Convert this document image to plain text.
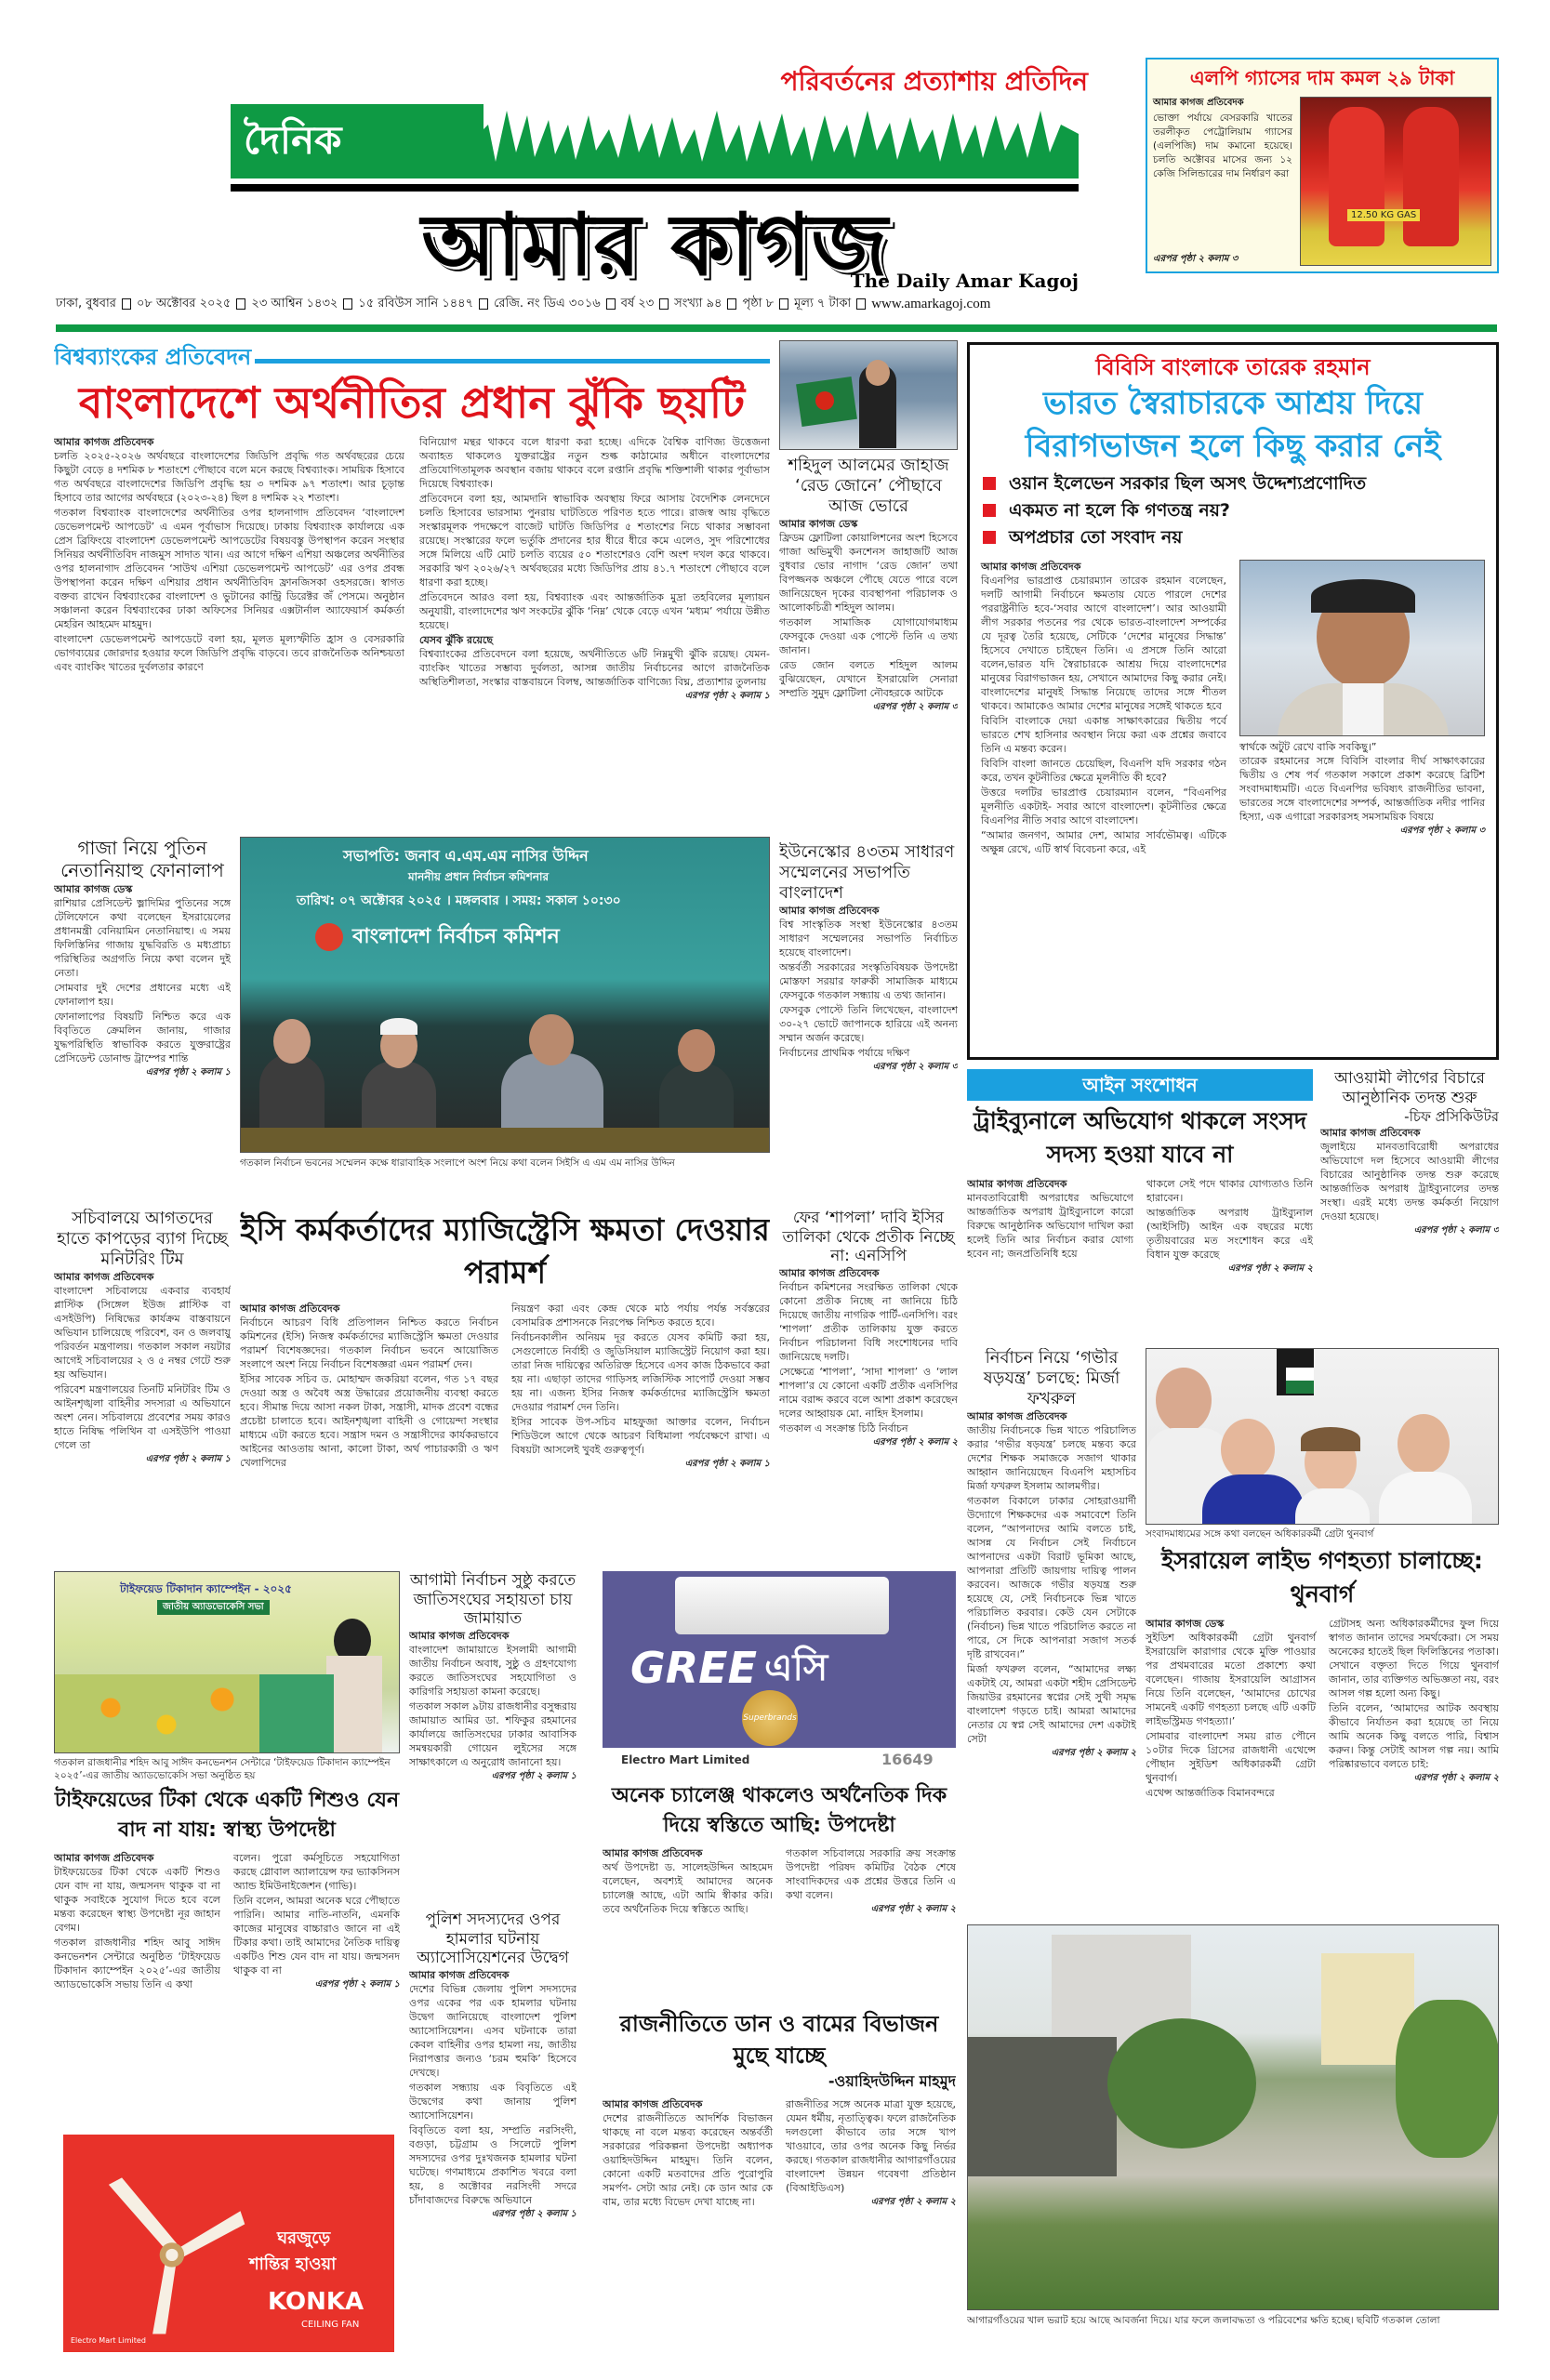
পরিবর্তনের প্রত্যাশায় প্রতিদিন
দৈনিক
আমার কাগজ
এলপি গ্যাসের দাম কমল ২৯ টাকা
আমার কাগজ প্রতিবেদক
ভোক্তা পর্যায়ে বেসরকারি খাতের তরলীকৃত পেট্রোলিয়াম গ্যাসের (এলপিজি) দাম কমানো হয়েছে। চলতি অক্টোবর মাসের জন্য ১২ কেজি সিলিন্ডারের দাম নির্ধারণ করা
এরপর পৃষ্ঠা ২ কলাম ৩
12.50 KG GAS
ঢাকা, বুধবার ০৮ অক্টোবর ২০২৫ ২৩ আশ্বিন ১৪৩২ ১৫ রবিউস সানি ১৪৪৭ রেজি. নং ডিএ ৩০১৬ বর্ষ ২৩ সংখ্যা ৯৪ পৃষ্ঠা ৮ মূল্য ৭ টাকা www.amarkagoj.com
The Daily Amar Kagoj
বিশ্বব্যাংকের প্রতিবেদন
বাংলাদেশে অর্থনীতির প্রধান ঝুঁকি ছয়টি
আমার কাগজ প্রতিবেদক
চলতি ২০২৫-২০২৬ অর্থবছরে বাংলাদেশের জিডিপি প্রবৃদ্ধি গত অর্থবছরের চেয়ে কিছুটা বেড়ে ৪ দশমিক ৮ শতাংশে পৌছাবে বলে মনে করছে বিশ্বব্যাংক। সাময়িক হিসাবে গত অর্থবছরে বাংলাদেশের জিডিপি প্রবৃদ্ধি হয় ৩ দশমিক ৯৭ শতাংশ। আর চূড়ান্ত হিসাবে তার আগের অর্থবছরে (২০২৩-২৪) ছিল ৪ দশমিক ২২ শতাংশ।
গতকাল বিশ্বব্যাংক বাংলাদেশের অর্থনীতির ওপর হালনাগাদ প্রতিবেদন ‘বাংলাদেশ ডেভেলপমেন্ট আপডেট’ এ এমন পূর্বাভাস দিয়েছে। ঢাকায় বিশ্বব্যাংক কার্যালয়ে এক প্রেস ব্রিফিংয়ে বাংলাদেশ ডেভেলপমেন্ট আপডেটের বিষয়বস্তু উপস্থাপন করেন সংস্থার সিনিয়র অর্থনীতিবিদ নাজমুস সাদাত খান। এর আগে দক্ষিণ এশিয়া অঞ্চলের অর্থনীতির ওপর হালনাগাদ প্রতিবেদন ‘সাউথ এশিয়া ডেভেলপমেন্ট আপডেট’ এর ওপর প্রবন্ধ উপস্থাপনা করেন দক্ষিণ এশিয়ার প্রধান অর্থনীতিবিদ ফ্রানজিসকা ওহসরজে। স্বাগত বক্তব্য রাখেন বিশ্বব্যাংকের বাংলাদেশ ও ভুটানের কান্ট্রি ডিরেক্টর জঁ পেসমে। অনুষ্ঠান সঞ্চালনা করেন বিশ্বব্যাংকের ঢাকা অফিসের সিনিয়র এক্সটার্নাল অ্যাফেয়ার্স কর্মকর্তা মেহরিন আহমেদ মাহমুদ।
বাংলাদেশ ডেভেলপমেন্ট আপডেটে বলা হয়, মূলত মূল্যস্ফীতি হ্রাস ও বেসরকারি ভোগব্যয়ের জোরদার হওয়ার ফলে জিডিপি প্রবৃদ্ধি বাড়বে। তবে রাজনৈতিক অনিশ্চয়তা এবং ব্যাংকিং খাতের দুর্বলতার কারণে
বিনিয়োগ মন্থর থাকবে বলে ধারণা করা হচ্ছে। এদিকে বৈশ্বিক বাণিজ্য উত্তেজনা অব্যাহত থাকলেও যুক্তরাষ্ট্রের নতুন শুল্ক কাঠামোর অধীনে বাংলাদেশের প্রতিযোগিতামূলক অবস্থান বজায় থাকবে বলে রপ্তানি প্রবৃদ্ধি শক্তিশালী থাকার পূর্বাভাস দিয়েছে বিশ্বব্যাংক।
প্রতিবেদনে বলা হয়, আমদানি স্বাভাবিক অবস্থায় ফিরে আসায় বৈদেশিক লেনদেনে চলতি হিসাবের ভারসাম্য পুনরায় ঘাটতিতে পরিণত হতে পারে। রাজস্ব আয় বৃদ্ধিতে সংস্কারমূলক পদক্ষেপে বাজেট ঘাটতি জিডিপির ৫ শতাংশের নিচে থাকার সম্ভাবনা রয়েছে। সংস্কারের ফলে ভর্তুকি প্রদানের হার ধীরে ধীরে কমে এলেও, সুদ পরিশোধের সঙ্গে মিলিয়ে এটি মোট চলতি ব্যয়ের ৫০ শতাংশেরও বেশি অংশ দখল করে থাকবে। সরকারি ঋণ ২০২৬/২৭ অর্থবছরের মধ্যে জিডিপির প্রায় ৪১.৭ শতাংশে পৌছাবে বলে ধারণা করা হচ্ছে।
প্রতিবেদনে আরও বলা হয়, বিশ্বব্যাংক এবং আন্তর্জাতিক মুদ্রা তহবিলের মূল্যায়ন অনুযায়ী, বাংলাদেশের ঋণ সংকটের ঝুঁকি ‘নিম্ন’ থেকে বেড়ে এখন ‘মধ্যম’ পর্যায়ে উন্নীত হয়েছে।
যেসব ঝুঁকি রয়েছে
বিশ্বব্যাংকের প্রতিবেদনে বলা হয়েছে, অর্থনীতিতে ৬টি নিম্নমুখী ঝুঁকি রয়েছ। যেমন- ব্যাংকিং খাতের সম্ভাব্য দুর্বলতা, আসন্ন জাতীয় নির্বাচনের আগে রাজনৈতিক অস্থিতিশীলতা, সংস্কার বাস্তবায়নে বিলম্ব, আন্তর্জাতিক বাণিজ্যে বিঘ্ন, প্রত্যাশার তুলনায়
এরপর পৃষ্ঠা ২ কলাম ১
শহিদুল আলমের জাহাজ ‘রেড জোনে’ পৌছাবে আজ ভোরে
আমার কাগজ ডেস্ক
ফ্রিডম ফ্লোটিলা কোয়ালিশনের অংশ হিসেবে গাজা অভিমুখী কনশেনস জাহাজটি আজ বুধবার ভোর নাগাদ ‘রেড জোন’ তথা বিপজ্জনক অঞ্চলে পৌছে যেতে পারে বলে জানিয়েছেন দৃকের ব্যবস্থাপনা পরিচালক ও আলোকচিত্রী শহিদুল আলম।
গতকাল সামাজিক যোগাযোগমাধ্যম ফেসবুকে দেওয়া এক পোস্টে তিনি এ তথ্য জানান।
রেড জোন বলতে শহিদুল আলম বুঝিয়েছেন, যেখানে ইসরায়েলি সেনারা সম্প্রতি সুমুদ ফ্লোটিলা নৌবহরকে আটকে
এরপর পৃষ্ঠা ২ কলাম ৩
বিবিসি বাংলাকে তারেক রহমান
ভারত স্বৈরাচারকে আশ্রয় দিয়ে বিরাগভাজন হলে কিছু করার নেই
ওয়ান ইলেভেন সরকার ছিল অসৎ উদ্দেশ্যপ্রণোদিত
একমত না হলে কি গণতন্ত্র নয়?
অপপ্রচার তো সংবাদ নয়
আমার কাগজ প্রতিবেদক
বিএনপির ভারপ্রাপ্ত চেয়ারম্যান তারেক রহমান বলেছেন, দলটি আগামী নির্বাচনে ক্ষমতায় যেতে পারলে দেশের পররাষ্ট্রনীতি হবে-‘সবার আগে বাংলাদেশ’। আর আওয়ামী লীগ সরকার পতনের পর থেকে ভারত-বাংলাদেশ সম্পর্কের যে দূরত্ব তৈরি হয়েছে, সেটিকে ‘দেশের মানুষের সিদ্ধান্ত’ হিসেবে দেখাতে চাইছেন তিনি। এ প্রসঙ্গে তিনি আরো বলেন,ভারত যদি স্বৈরাচারকে আশ্রয় দিয়ে বাংলাদেশের মানুষের বিরাগভাজন হয়, সেখানে আমাদের কিছু করার নেই। বাংলাদেশের মানুষই সিদ্ধান্ত নিয়েছে তাদের সঙ্গে শীতল থাকবে। আমাকেও আমার দেশের মানুষের সঙ্গেই থাকতে হবে
বিবিসি বাংলাকে দেয়া একান্ত সাক্ষাৎকারের দ্বিতীয় পর্বে ভারতে শেখ হাসিনার অবস্থান নিয়ে করা এক প্রশ্নের জবাবে তিনি এ মন্তব্য করেন।
বিবিসি বাংলা জানতে চেয়েছিল, বিএনপি যদি সরকার গঠন করে, তখন কূটনীতির ক্ষেত্রে মূলনীতি কী হবে?
উত্তরে দলটির ভারপ্রাপ্ত চেয়ারম্যান বলেন, “বিএনপির মূলনীতি একটাই- সবার আগে বাংলাদেশ। কূটনীতির ক্ষেত্রে বিএনপির নীতি সবার আগে বাংলাদেশ।
“আমার জনগণ, আমার দেশ, আমার সার্বভৌমত্ব। এটিকে অক্ষুন্ন রেখে, এটি স্বার্থ বিবেচনা করে, এই
স্বার্থকে অটুট রেখে বাকি সবকিছু।”
তারেক রহমানের সঙ্গে বিবিসি বাংলার দীর্ঘ সাক্ষাৎকারের দ্বিতীয় ও শেষ পর্ব গতকাল সকালে প্রকাশ করেছে ব্রিটিশ সংবাদমাধ্যমটি। এতে বিএনপির ভবিষ্যৎ রাজনীতির ভাবনা, ভারতের সঙ্গে বাংলাদেশের সম্পর্ক, আন্তর্জাতিক নদীর পানির হিস্যা, এক এগারো সরকারসহ সমসাময়িক বিষয়ে
এরপর পৃষ্ঠা ২ কলাম ৩
গাজা নিয়ে পুতিন নেতানিয়াহু ফোনালাপ
আমার কাগজ ডেস্ক
রাশিয়ার প্রেসিডেন্ট ভ্লাদিমির পুতিনের সঙ্গে টেলিফোনে কথা বলেছেন ইসরায়েলের প্রধানমন্ত্রী বেনিয়ামিন নেতানিয়াহু। এ সময় ফিলিস্তিনির গাজায় যুদ্ধবিরতি ও মধ্যপ্রাচ্য পরিস্থিতির অগ্রগতি নিয়ে কথা বলেন দুই নেতা।
সোমবার দুই দেশের প্রধানের মধ্যে এই ফোনালাপ হয়।
ফোনালাপের বিষয়টি নিশ্চিত করে এক বিবৃতিতে ক্রেমলিন জানায়, গাজার যুদ্ধপরিস্থিতি স্বাভাবিক করতে যুক্তরাষ্ট্রের প্রেসিডেন্ট ডোনাল্ড ট্রাম্পের শান্তি
এরপর পৃষ্ঠা ২ কলাম ১
সভাপতি: জনাব এ.এম.এম নাসির উদ্দিন
মাননীয় প্রধান নির্বাচন কমিশনার
তারিখ: ০৭ অক্টোবর ২০২৫ । মঙ্গলবার । সময়: সকাল ১০:৩০
বাংলাদেশ নির্বাচন কমিশন
গতকাল নির্বাচন ভবনের সম্মেলন কক্ষে ধারাবাহিক সংলাপে অংশ নিয়ে কথা বলেন সিইসি এ এম এম নাসির উদ্দিন
ইউনেস্কোর ৪৩তম সাধারণ সম্মেলনের সভাপতি বাংলাদেশ
আমার কাগজ প্রতিবেদক
বিশ্ব সাংস্কৃতিক সংস্থা ইউনেস্কোর ৪৩তম সাধারণ সম্মেলনের সভাপতি নির্বাচিত হয়েছে বাংলাদেশ।
অন্তর্বর্তী সরকারের সংস্কৃতিবিষয়ক উপদেষ্টা মোস্তফা সরয়ার ফারুকী সামাজিক মাধ্যমে ফেসবুকে গতকাল সন্ধ্যায় এ তথ্য জানান।
ফেসবুক পোস্টে তিনি লিখেছেন, বাংলাদেশ ৩০-২৭ ভোটে জাপানকে হারিয়ে এই অনন্য সম্মান অর্জন করেছে।
নির্বাচনের প্রাথমিক পর্যায়ে দক্ষিণ
এরপর পৃষ্ঠা ২ কলাম ৩
আইন সংশোধন
ট্রাইব্যুনালে অভিযোগ থাকলে সংসদ সদস্য হওয়া যাবে না
আমার কাগজ প্রতিবেদক
মানবতাবিরোধী অপরাধের অভিযোগে আন্তর্জাতিক অপরাধ ট্রাইব্যুনালে কারো বিরুদ্ধে আনুষ্ঠানিক অভিযোগ দাখিল করা হলেই তিনি আর নির্বাচন করার যোগ্য হবেন না; জনপ্রতিনিধি হয়ে
থাকলে সেই পদে থাকার যোগ্যতাও তিনি হারাবেন।
আন্তর্জাতিক অপরাধ ট্রাইব্যুনাল (আইসিটি) আইন এক বছরের মধ্যে তৃতীয়বারের মত সংশোধন করে এই বিধান যুক্ত করেছে
এরপর পৃষ্ঠা ২ কলাম ২
আওয়ামী লীগের বিচারে আনুষ্ঠানিক তদন্ত শুরু
-চিফ প্রসিকিউটর
আমার কাগজ প্রতিবেদক
জুলাইয়ে মানবতাবিরোধী অপরাধের অভিযোগে দল হিসেবে আওয়ামী লীগের বিচারের আনুষ্ঠানিক তদন্ত শুরু করেছে আন্তর্জাতিক অপরাধ ট্রাইব্যুনালের তদন্ত সংস্থা। এরই মধ্যে তদন্ত কর্মকর্তা নিয়োগ দেওয়া হয়েছে।
এরপর পৃষ্ঠা ২ কলাম ৩
সচিবালয়ে আগতদের হাতে কাপড়ের ব্যাগ দিচ্ছে মনিটরিং টিম
আমার কাগজ প্রতিবেদক
বাংলাদেশ সচিবালয়ে একবার ব্যবহার্য প্লাস্টিক (সিঙ্গেল ইউজ প্লাস্টিক বা এসইউপি) নিষিদ্ধের কার্যক্রম বাস্তবায়নে অভিযান চালিয়েছে পরিবেশ, বন ও জলবায়ু পরিবর্তন মন্ত্রণালয়। গতকাল সকাল নয়টার আগেই সচিবালয়ের ২ ও ৫ নম্বর গেটে শুরু হয় অভিযান।
পরিবেশ মন্ত্রণালয়ের তিনটি মনিটরিং টিম ও আইনশৃঙ্খলা বাহিনীর সদস্যরা এ অভিযানে অংশ নেন। সচিবালয়ে প্রবেশের সময় কারও হাতে নিষিদ্ধ পলিথিন বা এসইউপি পাওয়া গেলে তা
এরপর পৃষ্ঠা ২ কলাম ১
ইসি কর্মকর্তাদের ম্যাজিস্ট্রেসি ক্ষমতা দেওয়ার পরামর্শ
আমার কাগজ প্রতিবেদক
নির্বাচনে আচরণ বিধি প্রতিপালন নিশ্চিত করতে নির্বাচন কমিশনের (ইসি) নিজস্ব কর্মকর্তাদের ম্যাজিস্ট্রেসি ক্ষমতা দেওয়ার পরামর্শ বিশেষজ্ঞদের। গতকাল নির্বাচন ভবনে আয়োজিত সংলাপে অংশ নিয়ে নির্বাচন বিশেষজ্ঞরা এমন পরামর্শ দেন।
ইসির সাবেক সচিব ড. মোহাম্মদ জকরিয়া বলেন, গত ১৭ বছর দেওয়া অস্ত্র ও অবৈধ অস্ত্র উদ্ধারের প্রয়োজনীয় ব্যবস্থা করতে হবে। সীমান্ত দিয়ে আসা নকল টাকা, সন্ত্রাসী, মাদক প্রবেশ বন্ধের প্রচেষ্টা চালাতে হবে। আইনশৃঙ্খলা বাহিনী ও গোয়েন্দা সংস্থার মাধ্যমে এটা করতে হবে। সন্ত্রাস দমন ও সন্ত্রাসীদের কার্যকরভাবে আইনের আওতায় আনা, কালো টাকা, অর্থ পাচারকারী ও ঋণ খেলাপিদের
নিয়ন্ত্রণ করা এবং কেন্দ্র থেকে মাঠ পর্যায় পর্যন্ত সর্বস্তরের বেসামরিক প্রশাসনকে নিরপেক্ষ নিশ্চিত করতে হবে।
নির্বাচনকালীন অনিয়ম দূর করতে যেসব কমিটি করা হয়, সেগুলোতে নির্বাহী ও জুডিসিয়াল ম্যাজিস্ট্রেট নিয়োগ করা হয়। তারা নিজ দায়িত্বের অতিরিক্ত হিসেবে এসব কাজ ঠিকভাবে করা হয় না। এছাড়া তাদের গাড়িসহ লজিস্টিক সাপোর্ট দেওয়া সম্ভব হয় না। এজন্য ইসির নিজস্ব কর্মকর্তাদের ম্যাজিস্ট্রেসি ক্ষমতা দেওয়ার পরামর্শ দেন তিনি।
ইসির সাবেক উপ-সচিব মাহফুজা আক্তার বলেন, নির্বাচন শিডিউলে আগে থেকে আচরণ বিধিমালা পর্যবেক্ষণে রাখা। এ বিষয়টা আসলেই খুবই গুরুত্বপূর্ণ।
এরপর পৃষ্ঠা ২ কলাম ১
ফের ‘শাপলা’ দাবি ইসির তালিকা থেকে প্রতীক নিচ্ছে না: এনসিপি
আমার কাগজ প্রতিবেদক
নির্বাচন কমিশনের সংরক্ষিত তালিকা থেকে কোনো প্রতীক নিচ্ছে না জানিয়ে চিঠি দিয়েছে জাতীয় নাগরিক পার্টি-এনসিপি। বরং ‘শাপলা’ প্রতীক তালিকায় যুক্ত করতে নির্বাচন পরিচালনা বিধি সংশোধনের দাবি জানিয়েছে দলটি।
সেক্ষেত্রে ‘শাপলা’, ‘সাদা শাপলা’ ও ‘লাল শাপলা’র যে কোনো একটি প্রতীক এনসিপির নামে বরাদ্দ করবে বলে আশা প্রকাশ করেছেন দলের আহ্বায়ক মো. নাহিদ ইসলাম।
গতকাল এ সংক্রান্ত চিঠি নির্বাচন
এরপর পৃষ্ঠা ২ কলাম ২
নির্বাচন নিয়ে ‘গভীর ষড়যন্ত্র’ চলছে: মির্জা ফখরুল
আমার কাগজ প্রতিবেদক
জাতীয় নির্বাচনকে ভিন্ন খাতে পরিচালিত করার ‘গভীর ষড়যন্ত্র’ চলছে মন্তব্য করে দেশের শিক্ষক সমাজকে সজাগ থাকার আহ্বান জানিয়েছেন বিএনপি মহাসচিব মির্জা ফখরুল ইসলাম আলমগীর।
গতকাল বিকালে ঢাকার সোহরাওয়ার্দী উদ্যোগে শিক্ষকদের এক সমাবেশে তিনি বলেন, “আপনাদের আমি বলতে চাই, আসন্ন যে নির্বাচন সেই নির্বাচনে আপনাদের একটা বিরাট ভূমিকা আছে, আপনারা প্রতিটি জায়গায় দায়িত্ব পালন করবেন। আজকে গভীর ষড়যন্ত্র শুরু হয়েছে যে, সেই নির্বাচনকে ভিন্ন খাতে পরিচালিত করবার। কেউ যেন সেটাকে (নির্বাচন) ভিন্ন খাতে পরিচালিত করতে না পারে, সে দিকে আপনারা সজাগ সতর্ক দৃষ্টি রাখবেন।”
মির্জা ফখরুল বলেন, “আমাদের লক্ষ্য একটাই যে, আমরা একটা শহীদ প্রেসিডেন্ট জিয়াউর রহমানের স্বপ্নের সেই সুখী সমৃদ্ধ বাংলাদেশ গড়তে চাই। আমরা আমাদের নেতার যে স্বপ্ন সেই আমাদের দেশ একটাই সেটা
এরপর পৃষ্ঠা ২ কলাম ২
সংবাদমাধ্যমের সঙ্গে কথা বলছেন অধিকারকর্মী গ্রেটা থুনবার্গ
ইসরায়েল লাইভ গণহত্যা চালাচ্ছে: থুনবার্গ
আমার কাগজ ডেস্ক
সুইডিশ অধিকারকর্মী গ্রেটা থুনবার্গ ইসরায়েলি কারাগার থেকে মুক্তি পাওয়ার পর প্রথমবারের মতো প্রকাশ্যে কথা বলেছেন। গাজায় ইসরায়েলি আগ্রাসন নিয়ে তিনি বলেছেন, ‘আমাদের চোখের সামনেই একটি গণহত্যা চলছে এটি একটি লাইভস্ট্রিমড গণহত্যা।’
সোমবার বাংলাদেশ সময় রাত পৌনে ১০টার দিকে গ্রিসের রাজধানী এথেন্সে পৌছান সুইডিশ অধিকারকর্মী গ্রেটা থুনবার্গ।
এথেন্স আন্তর্জাতিক বিমানবন্দরে
গ্রেটাসহ অন্য অধিকারকর্মীদের ফুল দিয়ে স্বাগত জানান তাদের সমর্থকেরা। সে সময় অনেকের হাতেই ছিল ফিলিস্তিনের পতাকা। সেখানে বক্তৃতা দিতে গিয়ে থুনবার্গ জানান, তার ব্যক্তিগত অভিজ্ঞতা নয়, বরং আসল গল্প হলো অন্য কিছু।
তিনি বলেন, ‘আমাদের আটক অবস্থায় কীভাবে নির্যাতন করা হয়েছে তা নিয়ে আমি অনেক কিছু বলতে পারি, বিশ্বাস করুন। কিন্তু সেটাই আসল গল্প নয়। আমি পরিষ্কারভাবে বলতে চাই:
এরপর পৃষ্ঠা ২ কলাম ২
টাইফয়েড টিকাদান ক্যাম্পেইন - ২০২৫
জাতীয় অ্যাডভোকেসি সভা
গতকাল রাজধানীর শহিদ আবু সাঈদ কনভেনশন সেন্টারে ‘টাইফয়েড টিকাদান ক্যাম্পেইন ২০২৫’-এর জাতীয় অ্যাডভোকেসি সভা অনুষ্ঠিত হয়
টাইফয়েডের টিকা থেকে একটি শিশুও যেন বাদ না যায়: স্বাস্থ্য উপদেষ্টা
আমার কাগজ প্রতিবেদক
টাইফয়েডের টিকা থেকে একটি শিশুও যেন বাদ না যায়, জন্মসনদ থাকুক বা না থাকুক সবাইকে সুযোগ দিতে হবে বলে মন্তব্য করেছেন স্বাস্থ্য উপদেষ্টা নূর জাহান বেগম।
গতকাল রাজধানীর শহিদ আবু সাঈদ কনভেনশন সেন্টারে অনুষ্ঠিত ‘টাইফয়েড টিকাদান ক্যাম্পেইন ২০২৫’-এর জাতীয় অ্যাডভোকেসি সভায় তিনি এ কথা
বলেন। পুরো কর্মসূচিতে সহযোগিতা করছে গ্লোবাল অ্যালায়েন্স ফর ভ্যাকসিনস অ্যান্ড ইমিউনাইজেশন (গাভি)।
তিনি বলেন, আমরা অনেক ঘরে পৌছাতে পারিনি। আমার নাতি-নাতনি, এমনকি কাজের মানুষের বাচ্চারাও জানে না এই টিকার কথা। তাই আমাদের নৈতিক দায়িত্ব একটিও শিশু যেন বাদ না যায়। জন্মসনদ থাকুক বা না
এরপর পৃষ্ঠা ২ কলাম ১
আগামী নির্বাচন সুষ্ঠু করতে জাতিসংঘের সহায়তা চায় জামায়াত
আমার কাগজ প্রতিবেদক
বাংলাদেশ জামায়াতে ইসলামী আগামী জাতীয় নির্বাচন অবাধ, সুষ্ঠু ও গ্রহণযোগ্য করতে জাতিসংঘের সহযোগিতা ও কারিগরি সহায়তা কামনা করেছে।
গতকাল সকাল ৯টায় রাজধানীর বসুন্ধরায় জামায়াত আমির ডা. শফিকুর রহমানের কার্যালয়ে জাতিসংঘের ঢাকার আবাসিক সমন্বয়কারী গোয়েন লুইসের সঙ্গে সাক্ষাৎকালে এ অনুরোধ জানানো হয়।
এরপর পৃষ্ঠা ২ কলাম ১
পুলিশ সদস্যদের ওপর হামলার ঘটনায় অ্যাসোসিয়েশনের উদ্বেগ
আমার কাগজ প্রতিবেদক
দেশের বিভিন্ন জেলায় পুলিশ সদস্যদের ওপর একের পর এক হামলার ঘটনায় উদ্বেগ জানিয়েছে বাংলাদেশ পুলিশ অ্যাসোসিয়েশন। এসব ঘটনাকে তারা কেবল বাহিনীর ওপর হামলা নয়, জাতীয় নিরাপত্তার জন্যও ‘চরম হুমকি’ হিসেবে দেখছে।
গতকাল সন্ধ্যায় এক বিবৃতিতে এই উদ্বেগের কথা জানায় পুলিশ অ্যাসোসিয়েশন।
বিবৃতিতে বলা হয়, সম্প্রতি নরসিংদী, বগুড়া, চট্টগ্রাম ও সিলেটে পুলিশ সদস্যদের ওপর দুঃখজনক হামলার ঘটনা ঘটেছে। গণমাধ্যমে প্রকাশিত খবরে বলা হয়, ৪ অক্টোবর নরসিংদী সদরে চাঁদাবাজদের বিরুদ্ধে অভিযানে
এরপর পৃষ্ঠা ২ কলাম ১
GREE এসি
Superbrands
Electro Mart Limited	16649
অনেক চ্যালেঞ্জ থাকলেও অর্থনৈতিক দিক দিয়ে স্বস্তিতে আছি: উপদেষ্টা
আমার কাগজ প্রতিবেদক
অর্থ উপদেষ্টা ড. সালেহউদ্দিন আহমেদ বলেছেন, অবশ্যই আমাদের অনেক চ্যালেঞ্জ আছে, এটা আমি স্বীকার করি। তবে অর্থনৈতিক দিয়ে স্বস্তিতে আছি।
গতকাল সচিবালয়ে সরকারি ক্রয় সংক্রান্ত উপদেষ্টা পরিষদ কমিটির বৈঠক শেষে সাংবাদিকদের এক প্রশ্নের উত্তরে তিনি এ কথা বলেন।
এরপর পৃষ্ঠা ২ কলাম ২
রাজনীতিতে ডান ও বামের বিভাজন মুছে যাচ্ছে
-ওয়াহিদউদ্দিন মাহমুদ
আমার কাগজ প্রতিবেদক
দেশের রাজনীতিতে আদর্শিক বিভাজন থাকছে না বলে মন্তব্য করেছেন অন্তর্বর্তী সরকারের পরিকল্পনা উপদেষ্টা অধ্যাপক ওয়াহিদউদ্দিন মাহমুদ। তিনি বলেন, কোনো একটি মতবাদের প্রতি পুরোপুরি সমর্পণ- সেটা আর নেই। কে ডান আর কে বাম, তার মধ্যে বিভেদ দেখা যাচ্ছে না।
রাজনীতির সঙ্গে অনেক মাত্রা যুক্ত হয়েছে, যেমন ধর্মীয়, নৃতাত্ত্বিক। ফলে রাজনৈতিক দলগুলো কীভাবে তার সঙ্গে খাপ খাওয়াবে, তার ওপর অনেক কিছু নির্ভর করছে। গতকাল রাজধানীর আগারগাঁওয়ের বাংলাদেশ উন্নয়ন গবেষণা প্রতিষ্ঠান (বিআইডিএস)
এরপর পৃষ্ঠা ২ কলাম ২
আগারগাঁওয়ের খাল ভরাট হয়ে আছে আবর্জনা দিয়ে। যার ফলে জলাবদ্ধতা ও পরিবেশের ক্ষতি হচ্ছে। ছবিটি গতকাল তোলা
ঘরজুড়ে
শান্তির হাওয়া
KONKA
CEILING FAN
Electro Mart Limited
